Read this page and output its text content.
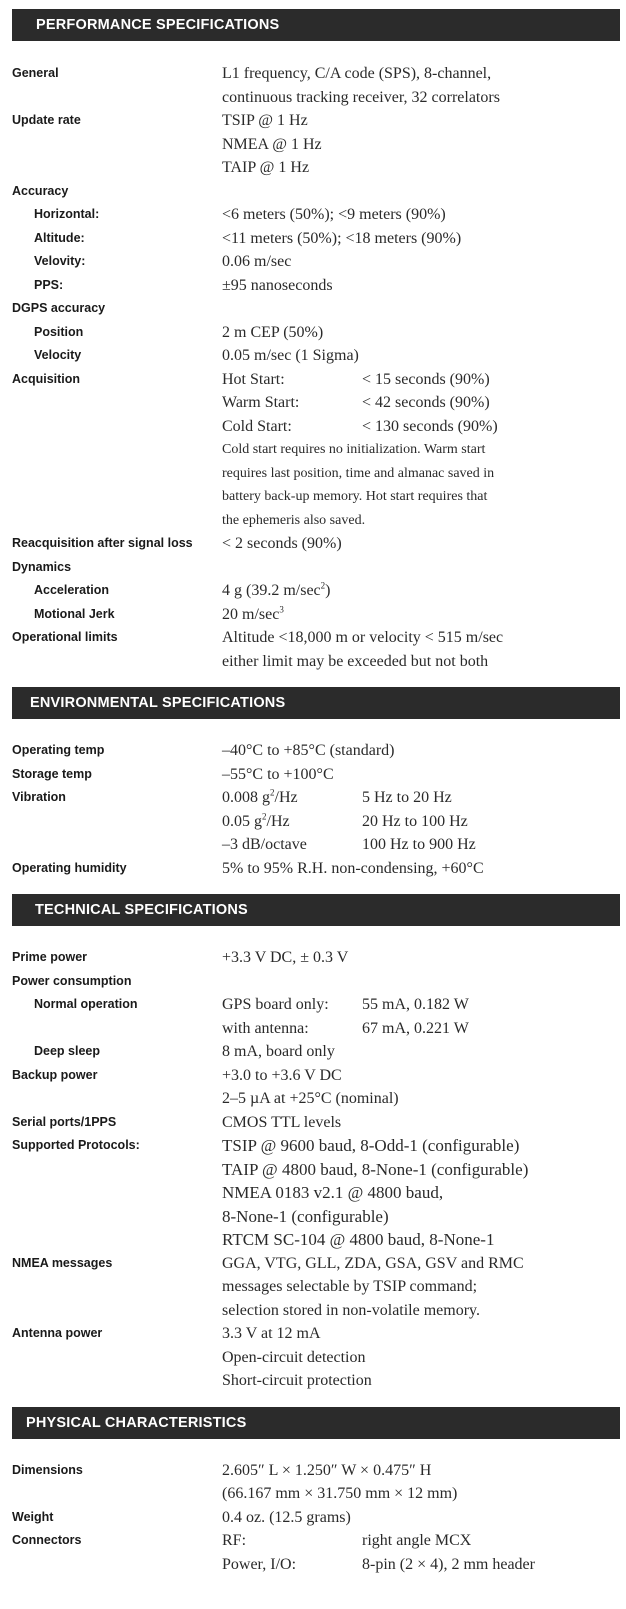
PERFORMANCE SPECIFICATIONS
General	L1 frequency, C/A code (SPS), 8-channel,
continuous tracking receiver, 32 correlators
Update rate	TSIP @ 1 Hz
NMEA @ 1 Hz
TAIP @ 1 Hz
Accuracy
Horizontal:	<6 meters (50%); <9 meters (90%)
Altitude:	<11 meters (50%); <18 meters (90%)
Velovity:	0.06 m/sec
PPS:	±95 nanoseconds
DGPS accuracy
Position	2 m CEP (50%)
Velocity	0.05 m/sec (1 Sigma)
Acquisition	Hot Start:	< 15 seconds (90%)
Warm Start:	< 42 seconds (90%)
Cold Start:	< 130 seconds (90%)
Cold start requires no initialization. Warm start
requires last position, time and almanac saved in
battery back-up memory. Hot start requires that
the ephemeris also saved.
Reacquisition after signal loss	< 2 seconds (90%)
Dynamics
Acceleration	4 g (39.2 $m/\sec^2$)
Motional Jerk	20 $m/\sec^3$
Operational limits	Altitude <18,000 m or velocity < 515 m/sec
either limit may be exceeded but not both
ENVIRONMENTAL SPECIFICATIONS
Operating temp	–40°C to +85°C (standard)
Storage temp	–55°C to +100°C
Vibration	0.008 $g^2/Hz$	5 Hz to 20 Hz
0.05 $g^2/Hz$	20 Hz to 100 Hz
–3 dB/octave	100 Hz to 900 Hz
Operating humidity	5% to 95% R.H. non-condensing, +60°C
TECHNICAL SPECIFICATIONS
Prime power	+3.3 V DC, ± 0.3 V
Power consumption
Normal operation	GPS board only:	55 mA, 0.182 W
with antenna:	67 mA, 0.221 W
Deep sleep	8 mA, board only
Backup power	+3.0 to +3.6 V DC
2–5 µA at +25°C (nominal)
Serial ports/1PPS	CMOS TTL levels
Supported Protocols:	TSIP @ 9600 baud, 8-Odd-1 (configurable)
TAIP @ 4800 baud, 8-None-1 (configurable)
NMEA 0183 v2.1 @ 4800 baud,
8-None-1 (configurable)
RTCM SC-104 @ 4800 baud, 8-None-1
NMEA messages	GGA, VTG, GLL, ZDA, GSA, GSV and RMC
messages selectable by TSIP command;
selection stored in non-volatile memory.
Antenna power	3.3 V at 12 mA
Open-circuit detection
Short-circuit protection
PHYSICAL CHARACTERISTICS
Dimensions	2.605″ L × 1.250″ W × 0.475″ H
(66.167 mm × 31.750 mm × 12 mm)
Weight	0.4 oz. (12.5 grams)
Connectors	RF:	right angle MCX
Power, I/O:	8-pin (2 × 4), 2 mm header
